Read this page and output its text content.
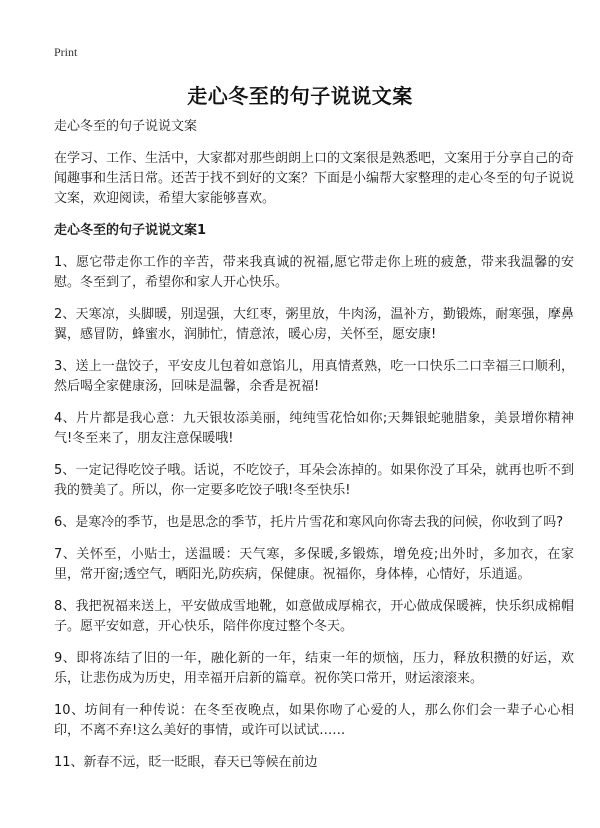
Print
走心冬至的句子说说文案

走心冬至的句子说说文案

在学习、工作、生活中，大家都对那些朗朗上口的文案很是熟悉吧，文案用于分享自己的奇闻趣事和生活日常。还苦于找不到好的文案？下面是小编帮大家整理的走心冬至的句子说说文案，欢迎阅读，希望大家能够喜欢。

走心冬至的句子说说文案1

1、愿它带走你工作的辛苦，带来我真诚的祝福,愿它带走你上班的疲惫，带来我温馨的安慰。冬至到了，希望你和家人开心快乐。

2、天寒凉，头脚暖，别逞强，大红枣，粥里放，牛肉汤，温补方，勤锻炼，耐寒强，摩鼻翼，感冒防，蜂蜜水，润肺忙，情意浓，暖心房，关怀至，愿安康!

3、送上一盘饺子，平安皮儿包着如意馅儿，用真情煮熟，吃一口快乐二口幸福三口顺利，然后喝全家健康汤，回味是温馨，余香是祝福!

4、片片都是我心意：九天银妆添美丽，纯纯雪花恰如你;天舞银蛇驰腊象，美景增你精神气!冬至来了，朋友注意保暖哦!

5、一定记得吃饺子哦。话说，不吃饺子，耳朵会冻掉的。如果你没了耳朵，就再也听不到我的赞美了。所以，你一定要多吃饺子哦!冬至快乐!

6、是寒冷的季节，也是思念的季节，托片片雪花和寒风向你寄去我的问候，你收到了吗?

7、关怀至，小贴士，送温暖：天气寒，多保暖,多锻炼，增免疫;出外时，多加衣，在家里，常开窗;透空气，晒阳光,防疾病，保健康。祝福你，身体棒，心情好，乐逍遥。

8、我把祝福来送上，平安做成雪地靴，如意做成厚棉衣，开心做成保暖裤，快乐织成棉帽子。愿平安如意，开心快乐，陪伴你度过整个冬天。

9、即将冻结了旧的一年，融化新的一年，结束一年的烦恼，压力，释放积攒的好运，欢乐，让悲伤成为历史，用幸福开启新的篇章。祝你笑口常开，财运滚滚来。

10、坊间有一种传说：在冬至夜晚点，如果你吻了心爱的人，那么你们会一辈子心心相印，不离不弃!这么美好的事情，或许可以试试……

11、新春不远，眨一眨眼，春天已等候在前边
